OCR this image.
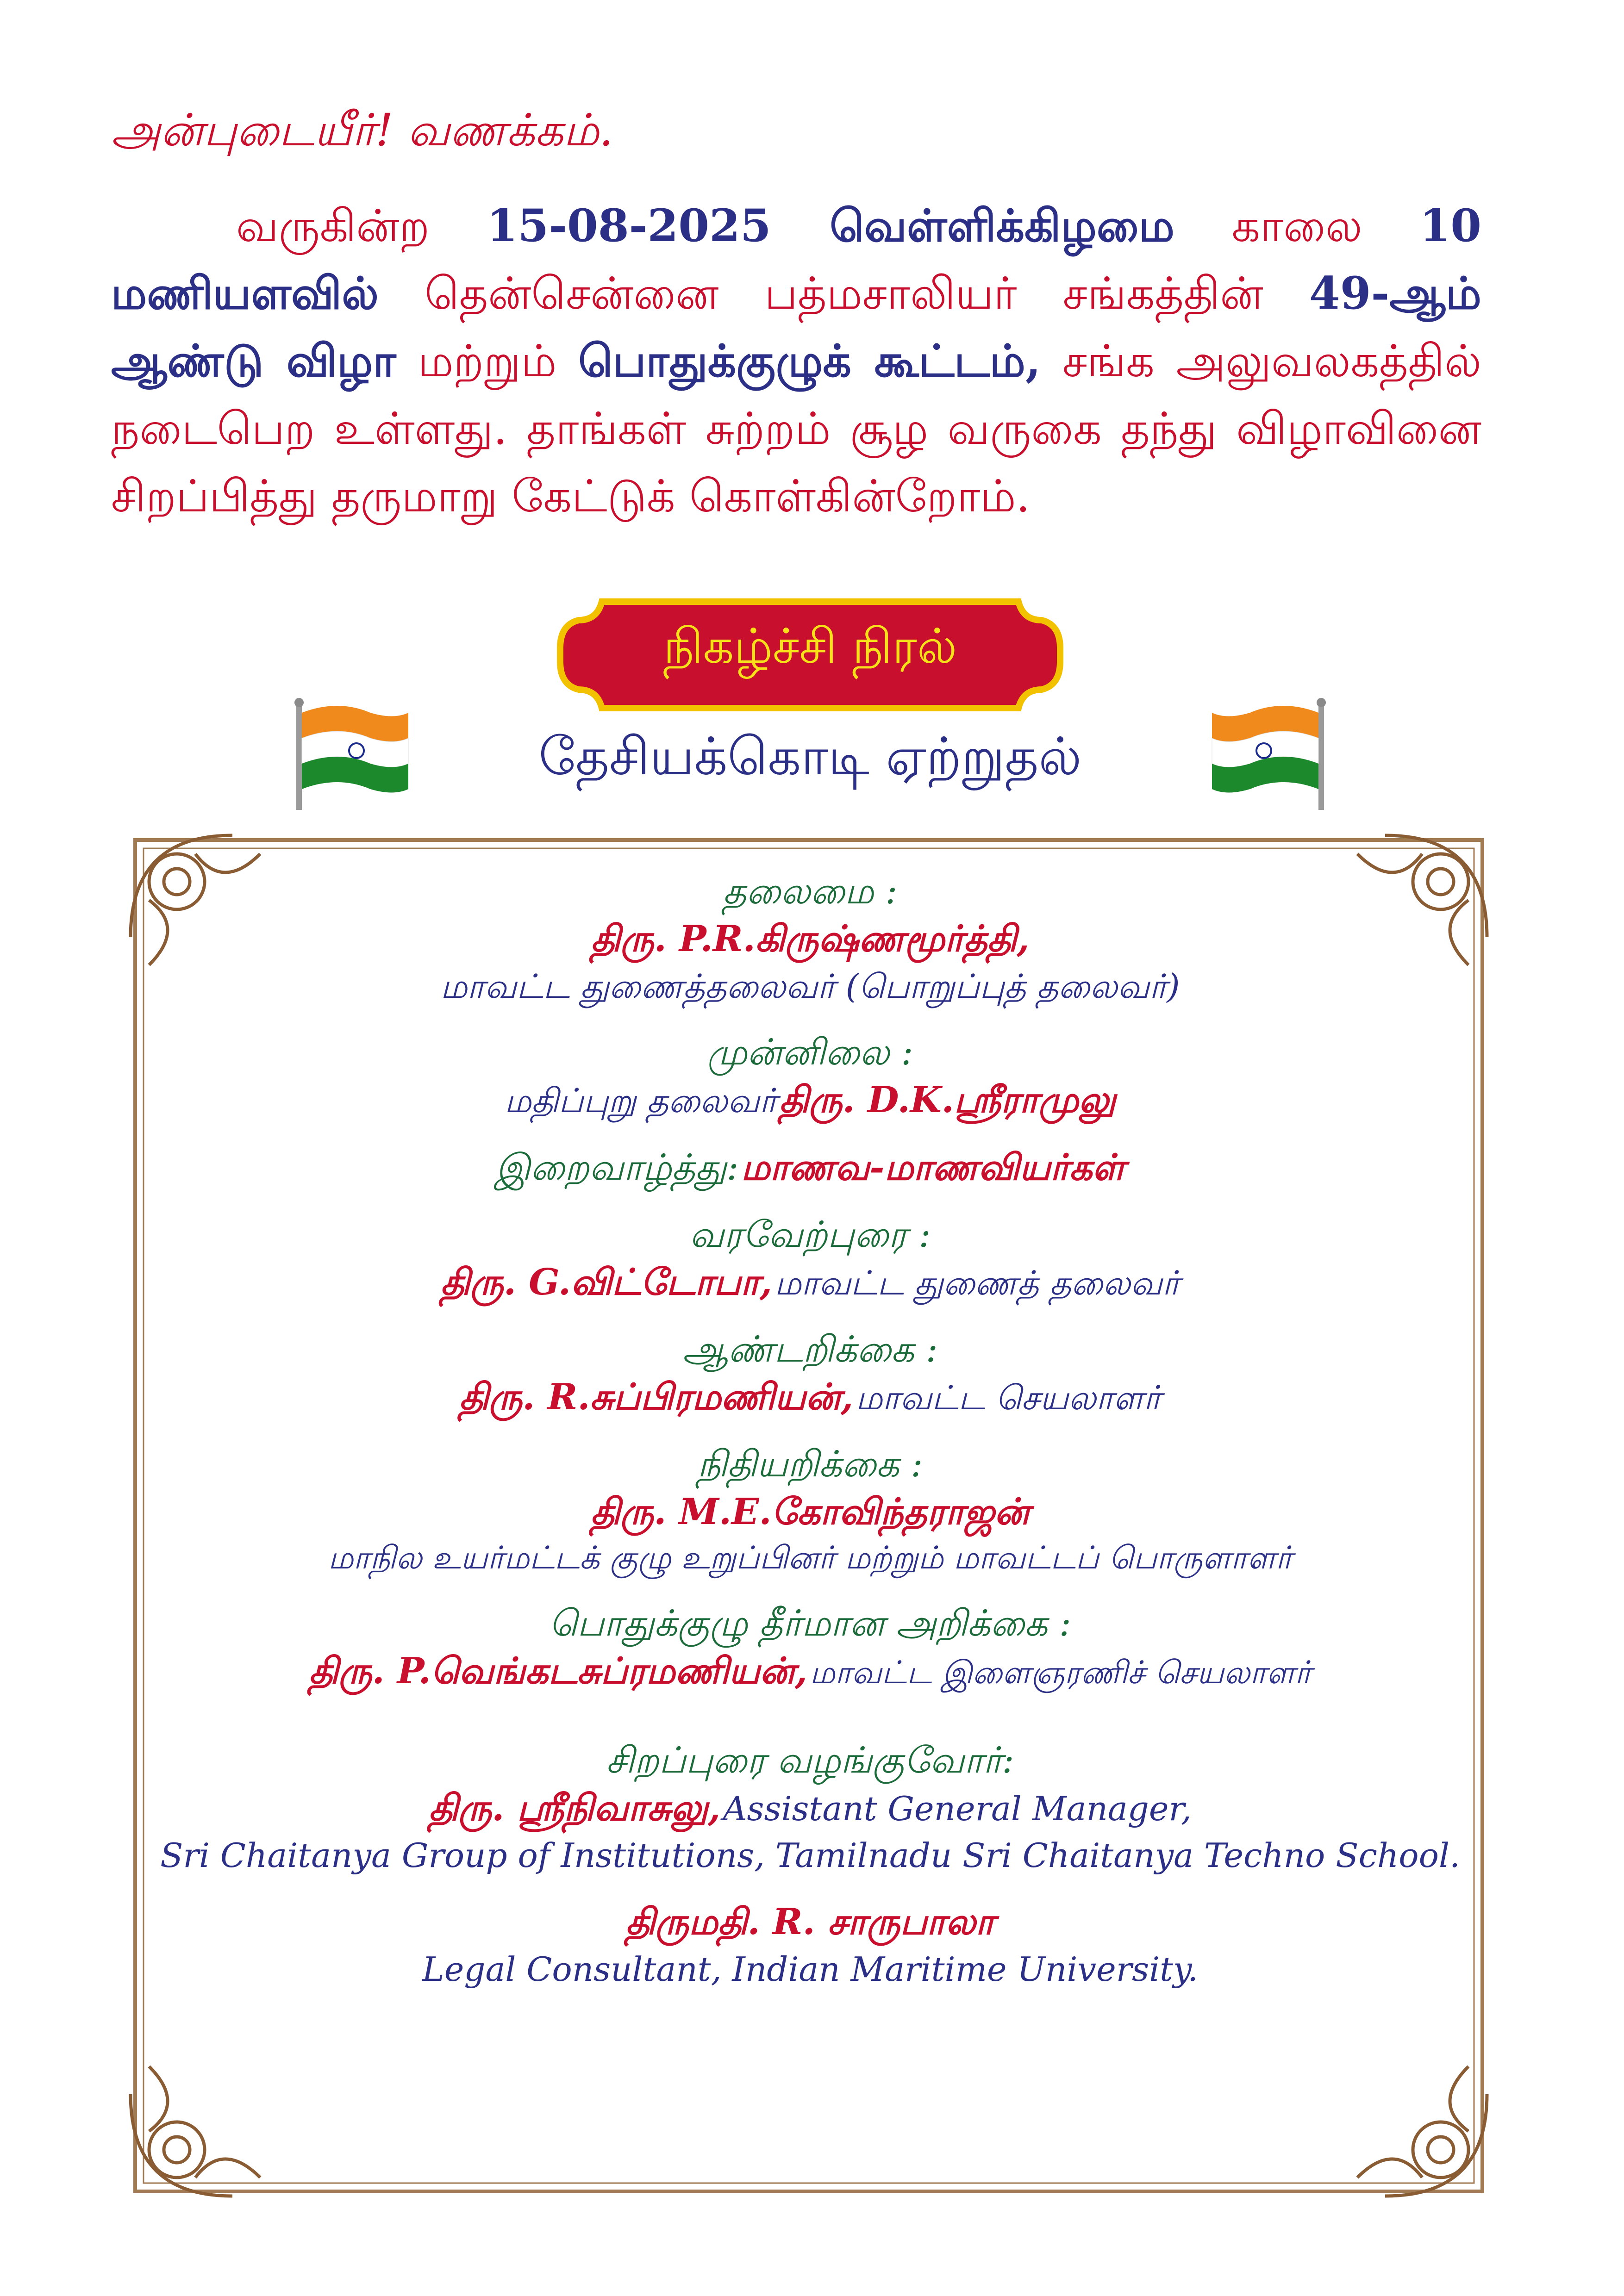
அன்புடையீர்! வணக்கம்.
வருகின்ற 15-08-2025 வெள்ளிக்கிழமை காலை 10 மணியளவில் தென்சென்னை பத்மசாலியர் சங்கத்தின் 49-ஆம் ஆண்டு விழா மற்றும் பொதுக்குழுக் கூட்டம், சங்க அலுவலகத்தில் நடைபெற உள்ளது. தாங்கள் சுற்றம் சூழ வருகை தந்து விழாவினை சிறப்பித்து தருமாறு கேட்டுக் கொள்கின்றோம்.
நிகழ்ச்சி நிரல்
தேசியக்கொடி ஏற்றுதல்
தலைமை :
திரு. P.R.கிருஷ்ணமூர்த்தி,
மாவட்ட துணைத்தலைவர் (பொறுப்புத் தலைவர்)
முன்னிலை :
மதிப்புறு தலைவர் திரு. D.K.ஸ்ரீராமுலு
இறைவாழ்த்து: மாணவ-மாணவியர்கள்
வரவேற்புரை :
திரு. G.விட்டோபா, மாவட்ட துணைத் தலைவர்
ஆண்டறிக்கை :
திரு. R.சுப்பிரமணியன், மாவட்ட செயலாளர்
நிதியறிக்கை :
திரு. M.E.கோவிந்தராஜன்
மாநில உயர்மட்டக் குழு உறுப்பினர் மற்றும் மாவட்டப் பொருளாளர்
பொதுக்குழு தீர்மான அறிக்கை :
திரு. P.வெங்கடசுப்ரமணியன், மாவட்ட இளைஞரணிச் செயலாளர்
சிறப்புரை வழங்குவோர்:
திரு. ஸ்ரீநிவாசுலு, Assistant General Manager,
Sri Chaitanya Group of Institutions, Tamilnadu Sri Chaitanya Techno School.
திருமதி. R. சாருபாலா
Legal Consultant, Indian Maritime University.
